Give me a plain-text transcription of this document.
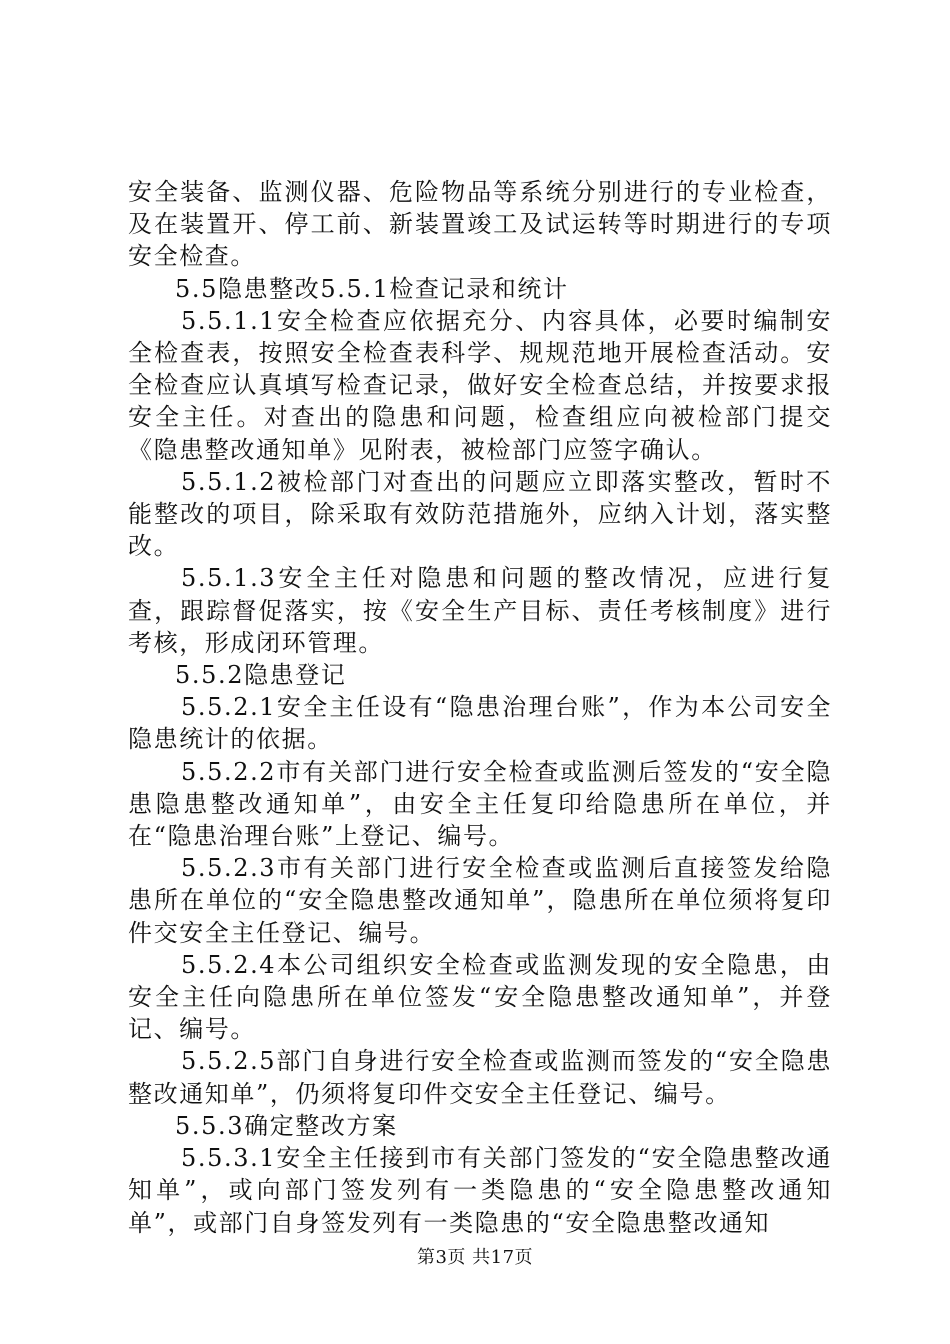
安全装备、监测仪器、危险物品等系统分别进行的专业检查，及在装置开、停工前、新装置竣工及试运转等时期进行的专项安全检查。

5.5隐患整改5.5.1检查记录和统计

5.5.1.1安全检查应依据充分、内容具体，必要时编制安全检查表，按照安全检查表科学、规规范地开展检查活动。安全检查应认真填写检查记录，做好安全检查总结，并按要求报安全主任。对查出的隐患和问题，检查组应向被检部门提交《隐患整改通知单》见附表，被检部门应签字确认。

5.5.1.2被检部门对查出的问题应立即落实整改，暂时不能整改的项目，除采取有效防范措施外，应纳入计划，落实整改。

5.5.1.3安全主任对隐患和问题的整改情况，应进行复查，跟踪督促落实，按《安全生产目标、责任考核制度》进行考核，形成闭环管理。

5.5.2隐患登记

5.5.2.1安全主任设有“隐患治理台账”，作为本公司安全隐患统计的依据。

5.5.2.2市有关部门进行安全检查或监测后签发的“安全隐患隐患整改通知单”，由安全主任复印给隐患所在单位，并在“隐患治理台账”上登记、编号。

5.5.2.3市有关部门进行安全检查或监测后直接签发给隐患所在单位的“安全隐患整改通知单”，隐患所在单位须将复印件交安全主任登记、编号。

5.5.2.4本公司组织安全检查或监测发现的安全隐患，由安全主任向隐患所在单位签发“安全隐患整改通知单”，并登记、编号。

5.5.2.5部门自身进行安全检查或监测而签发的“安全隐患整改通知单”，仍须将复印件交安全主任登记、编号。

5.5.3确定整改方案

5.5.3.1安全主任接到市有关部门签发的“安全隐患整改通知单”，或向部门签发列有一类隐患的“安全隐患整改通知单”，或部门自身签发列有一类隐患的“安全隐患整改通知

第3页 共17页
